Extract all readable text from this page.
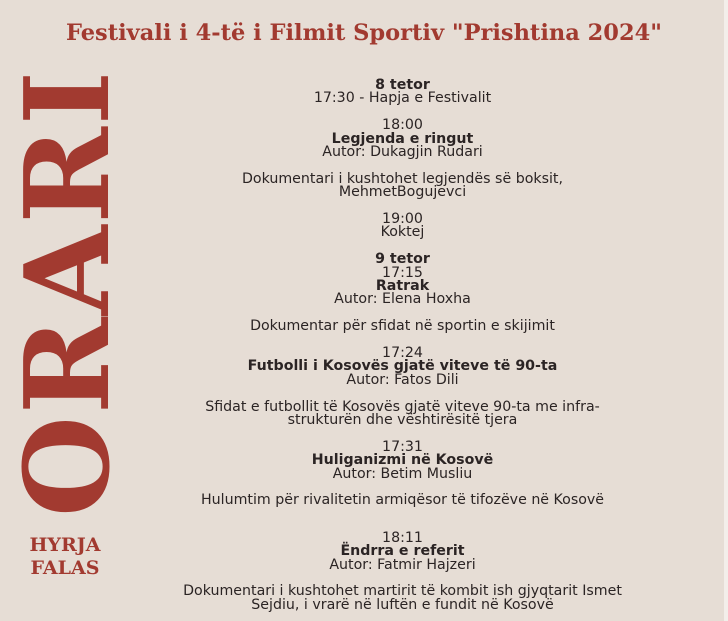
Festivali i 4-të i Filmit Sportiv "Prishtina 2024"
ORARI
HYRJA
FALAS
8 tetor
17:30 - Hapja e Festivalit
18:00
Legjenda e ringut
Autor: Dukagjin Rudari
Dokumentari i kushtohet legjendës së boksit,
MehmetBogujevci
19:00
Koktej
9 tetor
17:15
Ratrak
Autor: Elena Hoxha
Dokumentar për sfidat në sportin e skijimit
17:24
Futbolli i Kosovës gjatë viteve të 90-ta
Autor: Fatos Dili
Sfidat e futbollit të Kosovës gjatë viteve 90-ta me infra-
strukturën dhe vështirësitë tjera
17:31
Huliganizmi në Kosovë
Autor: Betim Musliu
Hulumtim për rivalitetin armiqësor të tifozëve në Kosovë
18:11
Ëndrra e referit
Autor: Fatmir Hajzeri
Dokumentari i kushtohet martirit të kombit ish gjyqtarit Ismet
Sejdiu, i vrarë në luftën e fundit në Kosovë
